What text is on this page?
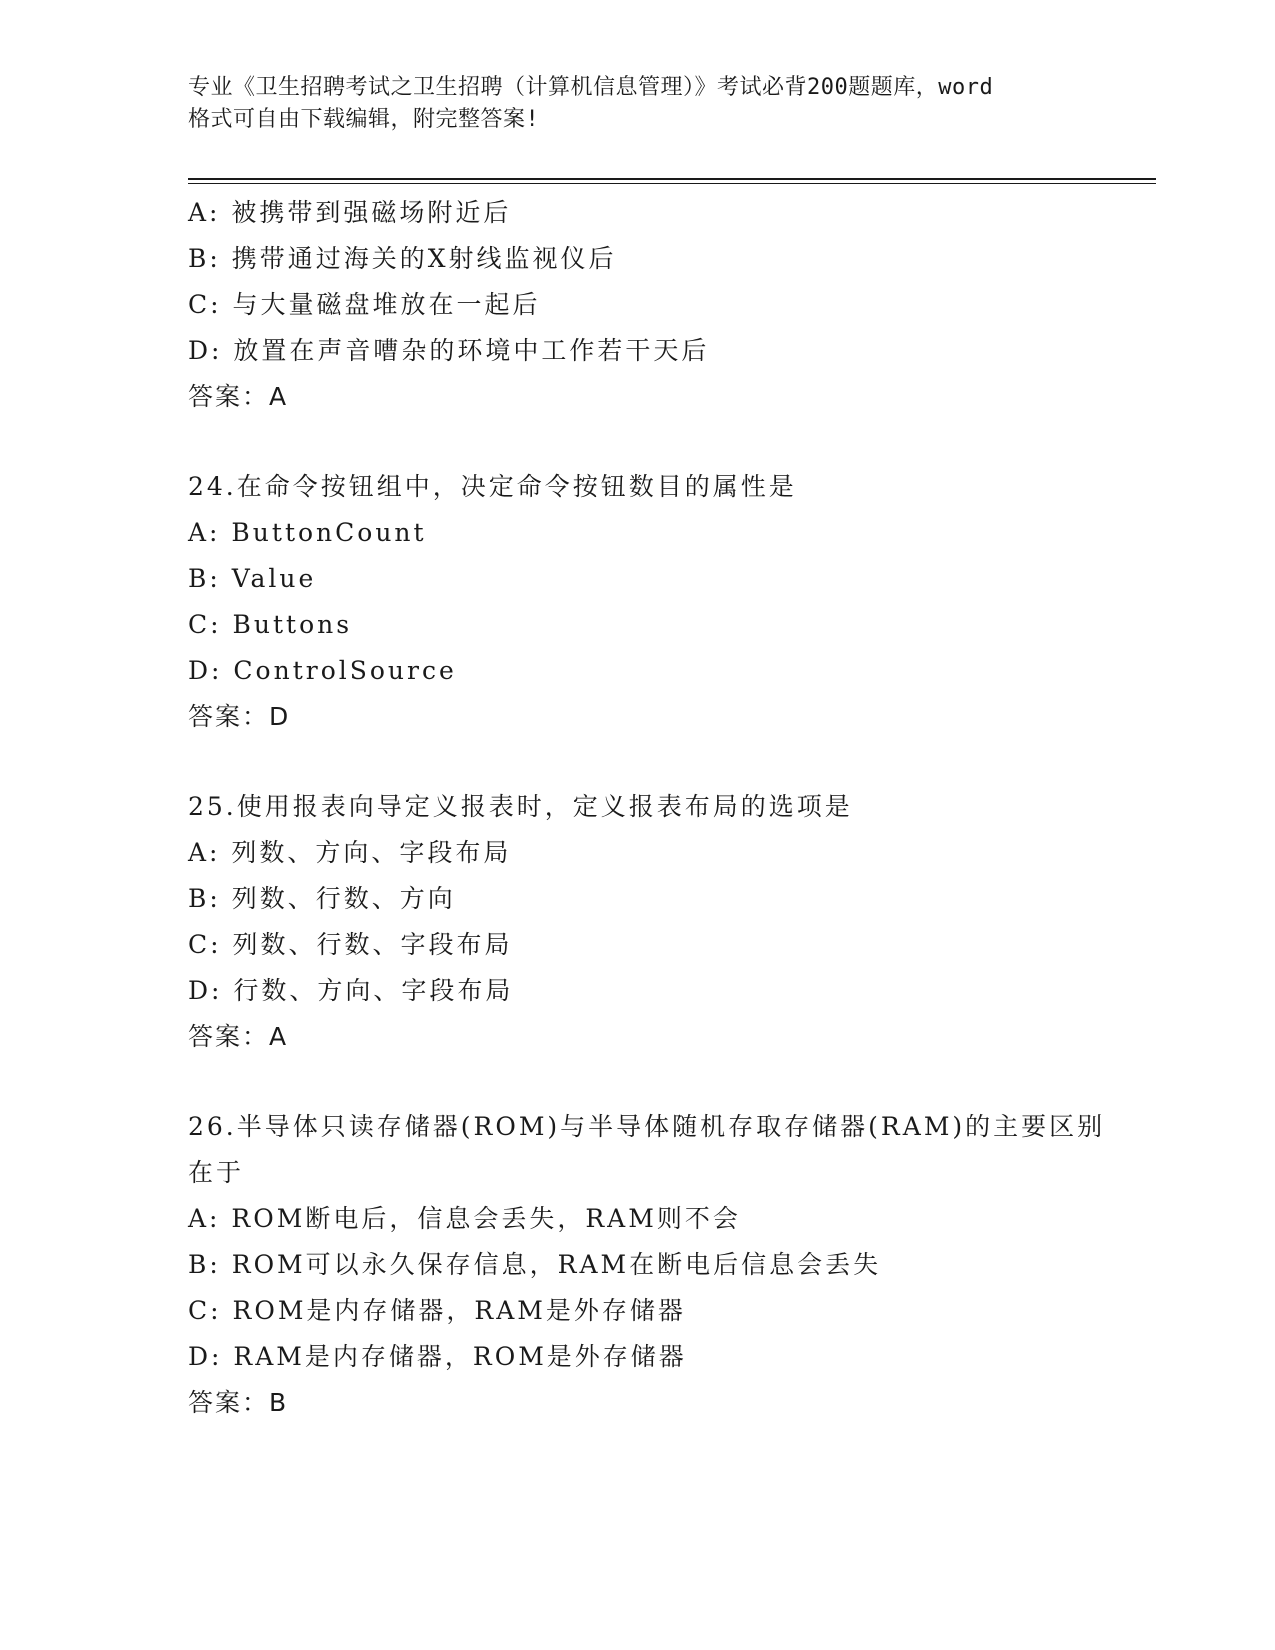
专业《卫生招聘考试之卫生招聘（计算机信息管理）》考试必背200题题库，word
格式可自由下载编辑，附完整答案!
A: 被携带到强磁场附近后
B: 携带通过海关的X射线监视仪后
C: 与大量磁盘堆放在一起后
D: 放置在声音嘈杂的环境中工作若干天后
答案：A
24.在命令按钮组中，决定命令按钮数目的属性是
A: ButtonCount
B: Value
C: Buttons
D: ControlSource
答案：D
25.使用报表向导定义报表时，定义报表布局的选项是
A: 列数、方向、字段布局
B: 列数、行数、方向
C: 列数、行数、字段布局
D: 行数、方向、字段布局
答案：A
26.半导体只读存储器(ROM)与半导体随机存取存储器(RAM)的主要区别
在于
A: ROM断电后，信息会丢失，RAM则不会
B: ROM可以永久保存信息，RAM在断电后信息会丢失
C: ROM是内存储器，RAM是外存储器
D: RAM是内存储器，ROM是外存储器
答案：B
